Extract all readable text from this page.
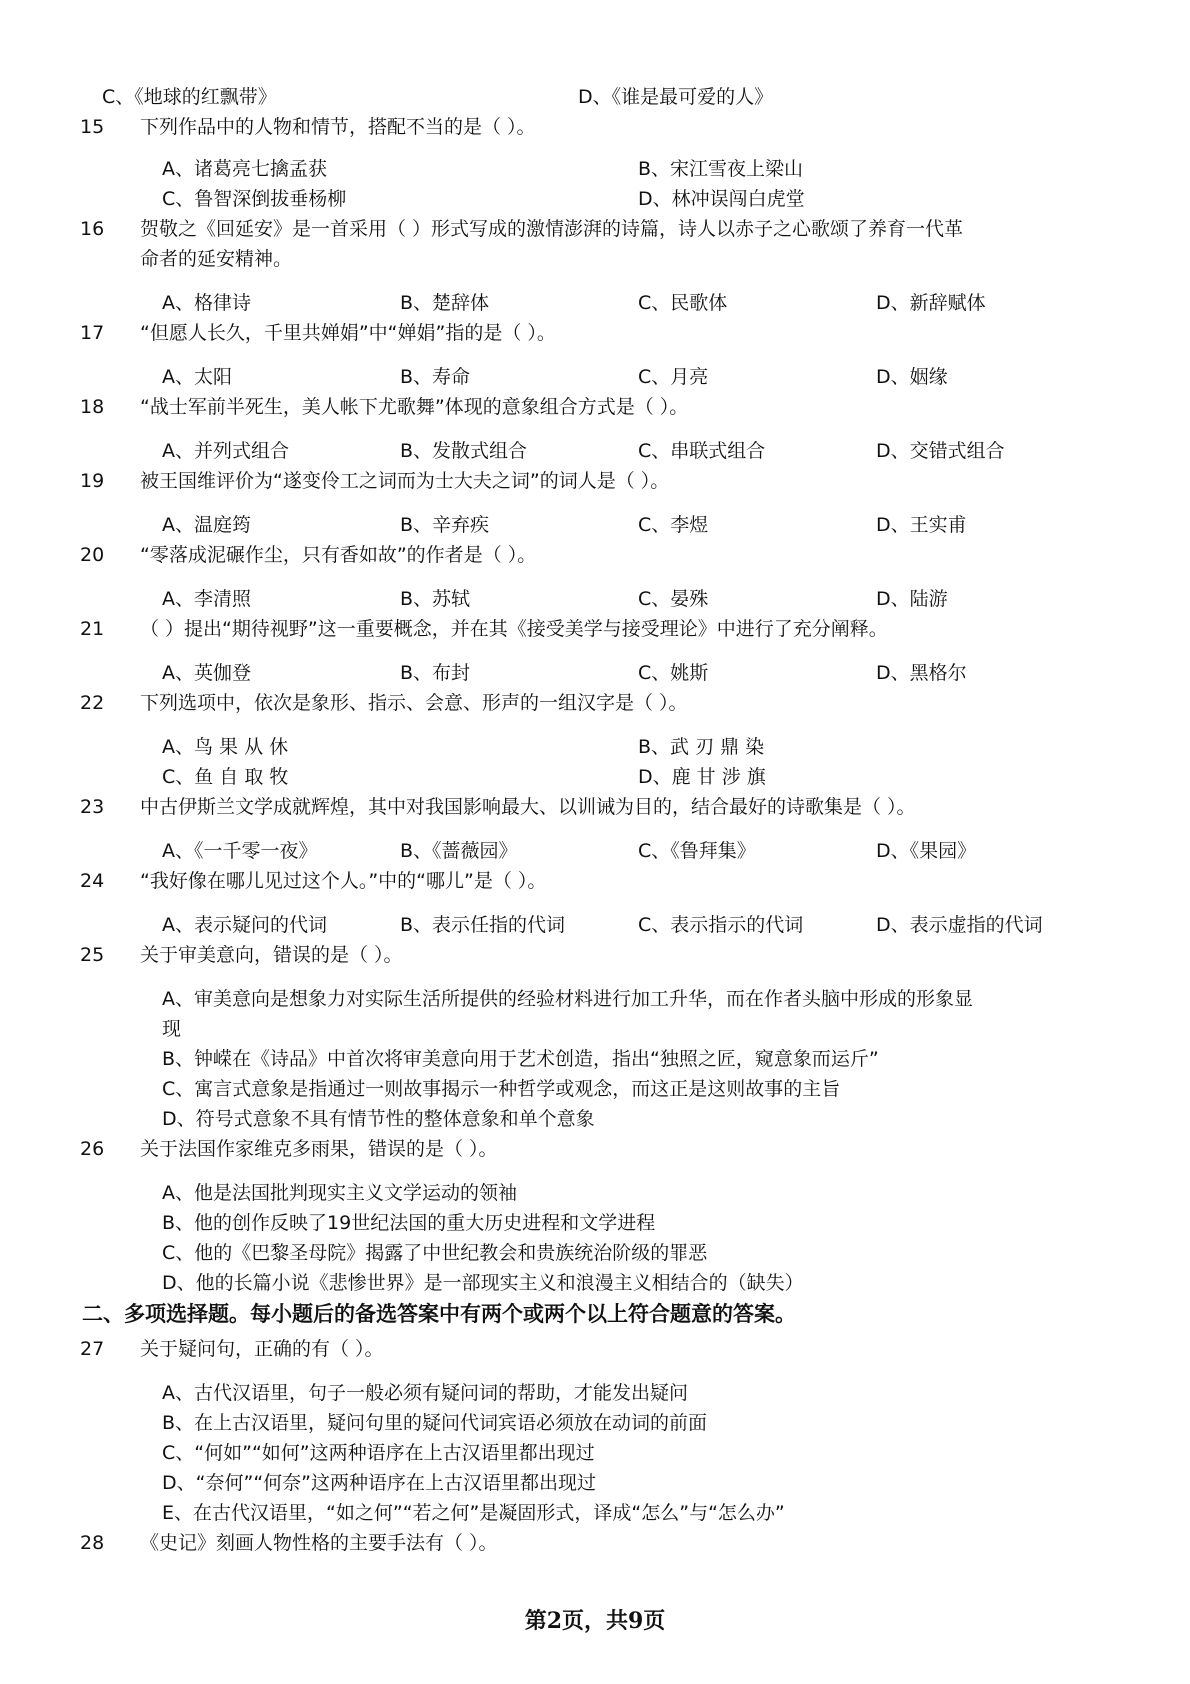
C、《地球的红飘带》	D、《谁是最可爱的人》
15 下列作品中的人物和情节，搭配不当的是（ ）。
A、诸葛亮七擒孟获	B、宋江雪夜上梁山
C、鲁智深倒拔垂杨柳	D、林冲误闯白虎堂
16 贺敬之《回延安》是一首采用（ ）形式写成的激情澎湃的诗篇，诗人以赤子之心歌颂了养育一代革
命者的延安精神。
A、格律诗	B、楚辞体	C、民歌体	D、新辞赋体
17 “但愿人长久，千里共婵娟”中“婵娟”指的是（ ）。
A、太阳	B、寿命	C、月亮	D、姻缘
18 “战士军前半死生，美人帐下尤歌舞”体现的意象组合方式是（ ）。
A、并列式组合	B、发散式组合	C、串联式组合	D、交错式组合
19 被王国维评价为“遂变伶工之词而为士大夫之词”的词人是（ ）。
A、温庭筠	B、辛弃疾	C、李煜	D、王实甫
20 “零落成泥碾作尘，只有香如故”的作者是（ ）。
A、李清照	B、苏轼	C、晏殊	D、陆游
21 （ ）提出“期待视野”这一重要概念，并在其《接受美学与接受理论》中进行了充分阐释。
A、英伽登	B、布封	C、姚斯	D、黑格尔
22 下列选项中，依次是象形、指示、会意、形声的一组汉字是（ ）。
A、鸟 果 从 休	B、武 刃 鼎 染
C、鱼 自 取 牧	D、鹿 甘 涉 旗
23 中古伊斯兰文学成就辉煌，其中对我国影响最大、以训诫为目的，结合最好的诗歌集是（ ）。
A、《一千零一夜》	B、《蔷薇园》	C、《鲁拜集》	D、《果园》
24 “我好像在哪儿见过这个人。”中的“哪儿”是（ ）。
A、表示疑问的代词	B、表示任指的代词	C、表示指示的代词	D、表示虚指的代词
25 关于审美意向，错误的是（ ）。
A、审美意向是想象力对实际生活所提供的经验材料进行加工升华，而在作者头脑中形成的形象显
现
B、钟嵘在《诗品》中首次将审美意向用于艺术创造，指出“独照之匠，窥意象而运斤”
C、寓言式意象是指通过一则故事揭示一种哲学或观念，而这正是这则故事的主旨
D、符号式意象不具有情节性的整体意象和单个意象
26 关于法国作家维克多雨果，错误的是（ ）。
A、他是法国批判现实主义文学运动的领袖
B、他的创作反映了19世纪法国的重大历史进程和文学进程
C、他的《巴黎圣母院》揭露了中世纪教会和贵族统治阶级的罪恶
D、他的长篇小说《悲惨世界》是一部现实主义和浪漫主义相结合的（缺失）
二、多项选择题。每小题后的备选答案中有两个或两个以上符合题意的答案。
27 关于疑问句，正确的有（ ）。
A、古代汉语里，句子一般必须有疑问词的帮助，才能发出疑问
B、在上古汉语里，疑问句里的疑问代词宾语必须放在动词的前面
C、“何如”“如何”这两种语序在上古汉语里都出现过
D、“奈何”“何奈”这两种语序在上古汉语里都出现过
E、在古代汉语里，“如之何”“若之何”是凝固形式，译成“怎么”与“怎么办”
28 《史记》刻画人物性格的主要手法有（ ）。
第2页，共9页
